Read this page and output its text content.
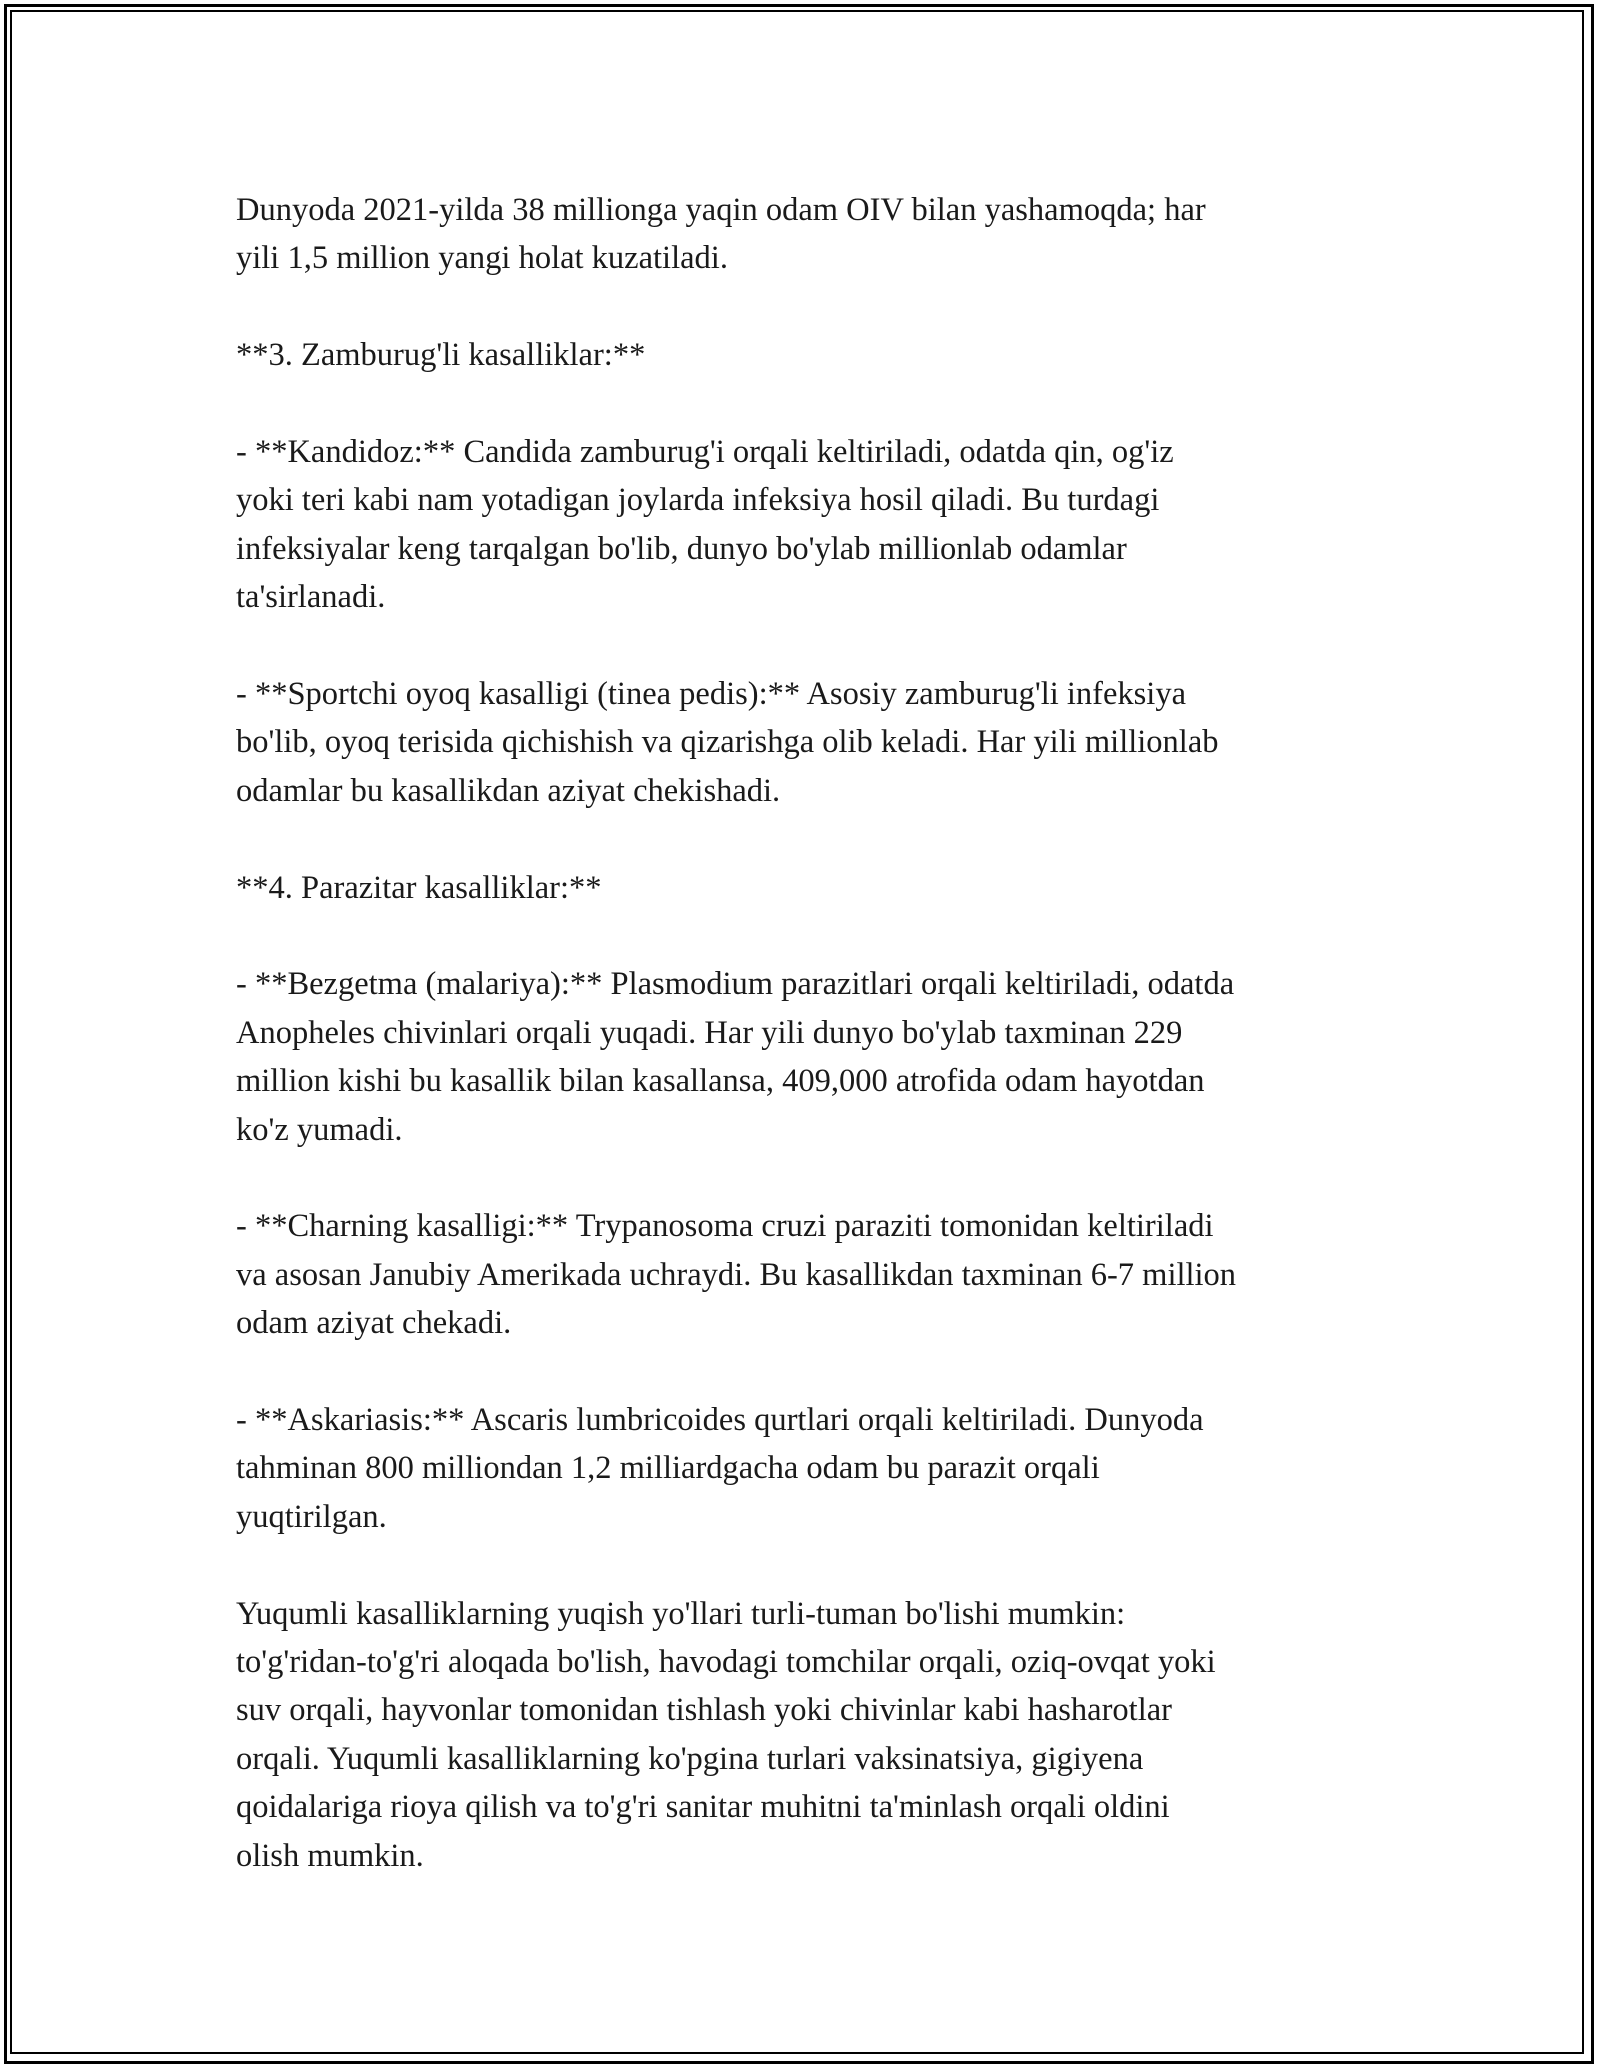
Dunyoda 2021-yilda 38 millionga yaqin odam OIV bilan yashamoqda; har
yili 1,5 million yangi holat kuzatiladi.

**3. Zamburug'li kasalliklar:**

- **Kandidoz:** Candida zamburug'i orqali keltiriladi, odatda qin, og'iz
yoki teri kabi nam yotadigan joylarda infeksiya hosil qiladi. Bu turdagi
infeksiyalar keng tarqalgan bo'lib, dunyo bo'ylab millionlab odamlar
ta'sirlanadi.

- **Sportchi oyoq kasalligi (tinea pedis):** Asosiy zamburug'li infeksiya
bo'lib, oyoq terisida qichishish va qizarishga olib keladi. Har yili millionlab
odamlar bu kasallikdan aziyat chekishadi.

**4. Parazitar kasalliklar:**

- **Bezgetma (malariya):** Plasmodium parazitlari orqali keltiriladi, odatda
Anopheles chivinlari orqali yuqadi. Har yili dunyo bo'ylab taxminan 229
million kishi bu kasallik bilan kasallansa, 409,000 atrofida odam hayotdan
ko'z yumadi.

- **Charning kasalligi:** Trypanosoma cruzi paraziti tomonidan keltiriladi
va asosan Janubiy Amerikada uchraydi. Bu kasallikdan taxminan 6-7 million
odam aziyat chekadi.

- **Askariasis:** Ascaris lumbricoides qurtlari orqali keltiriladi. Dunyoda
tahminan 800 milliondan 1,2 milliardgacha odam bu parazit orqali
yuqtirilgan.

Yuqumli kasalliklarning yuqish yo'llari turli-tuman bo'lishi mumkin:
to'g'ridan-to'g'ri aloqada bo'lish, havodagi tomchilar orqali, oziq-ovqat yoki
suv orqali, hayvonlar tomonidan tishlash yoki chivinlar kabi hasharotlar
orqali. Yuqumli kasalliklarning ko'pgina turlari vaksinatsiya, gigiyena
qoidalariga rioya qilish va to'g'ri sanitar muhitni ta'minlash orqali oldini
olish mumkin.
